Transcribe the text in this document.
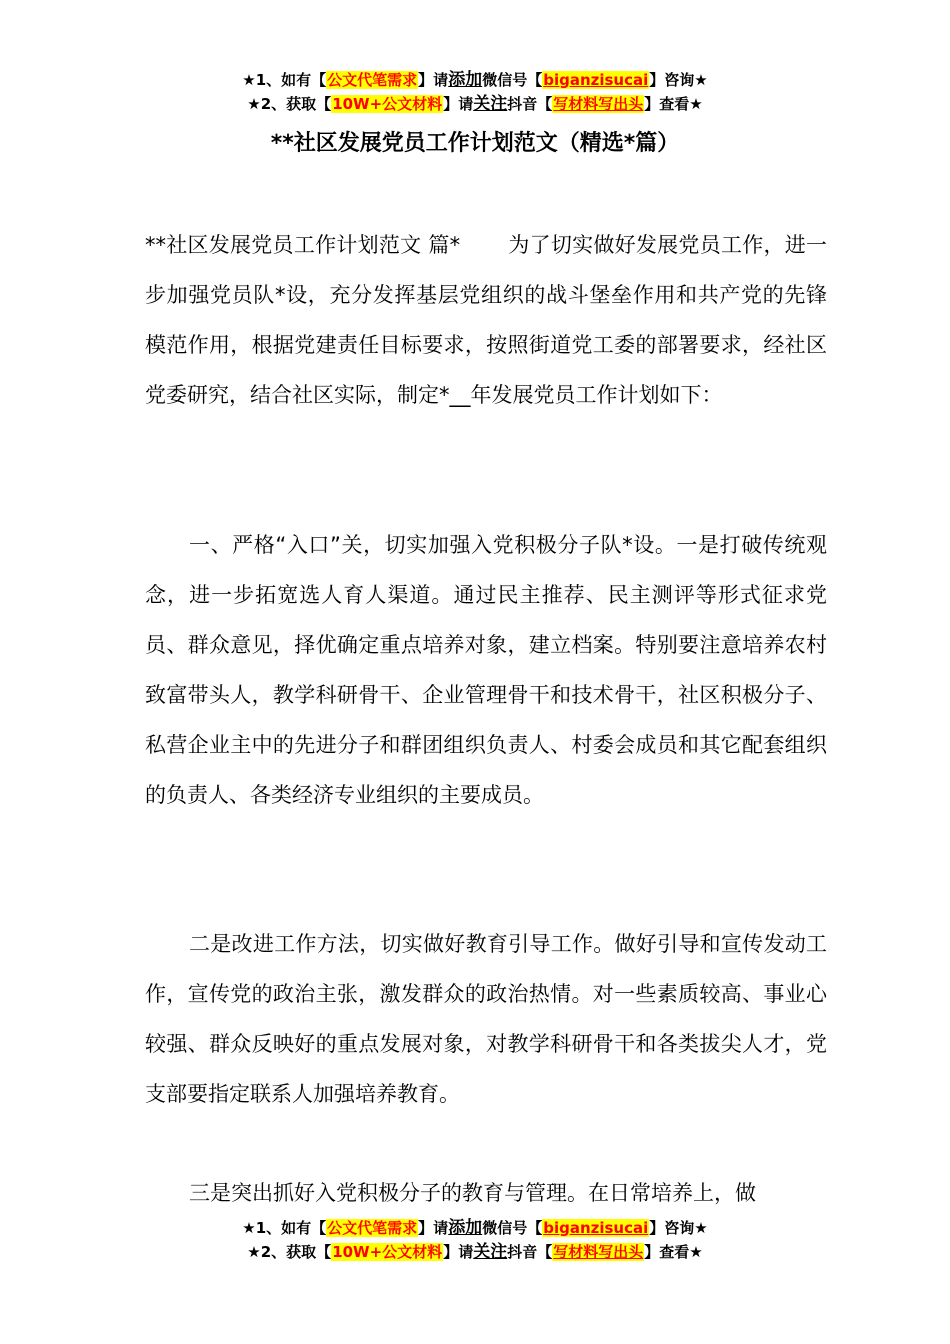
★1、如有【公文代笔需求】请添加微信号【biganzisucai】咨询★
★2、获取【10W+公文材料】请关注抖音【写材料写出头】查看★
**社区发展党员工作计划范文（精选*篇）
**社区发展党员工作计划范文 篇* 为了切实做好发展党员工作，进一步加强党员队*设，充分发挥基层党组织的战斗堡垒作用和共产党的先锋模范作用，根据党建责任目标要求，按照街道党工委的部署要求，经社区党委研究，结合社区实际，制定*__年发展党员工作计划如下：
一、严格“入口”关，切实加强入党积极分子队*设。一是打破传统观念，进一步拓宽选人育人渠道。通过民主推荐、民主测评等形式征求党员、群众意见，择优确定重点培养对象，建立档案。特别要注意培养农村致富带头人，教学科研骨干、企业管理骨干和技术骨干，社区积极分子、私营企业主中的先进分子和群团组织负责人、村委会成员和其它配套组织的负责人、各类经济专业组织的主要成员。
二是改进工作方法，切实做好教育引导工作。做好引导和宣传发动工作，宣传党的政治主张，激发群众的政治热情。对一些素质较高、事业心较强、群众反映好的重点发展对象，对教学科研骨干和各类拔尖人才，党支部要指定联系人加强培养教育。
三是突出抓好入党积极分子的教育与管理。在日常培养上，做
★1、如有【公文代笔需求】请添加微信号【biganzisucai】咨询★
★2、获取【10W+公文材料】请关注抖音【写材料写出头】查看★
